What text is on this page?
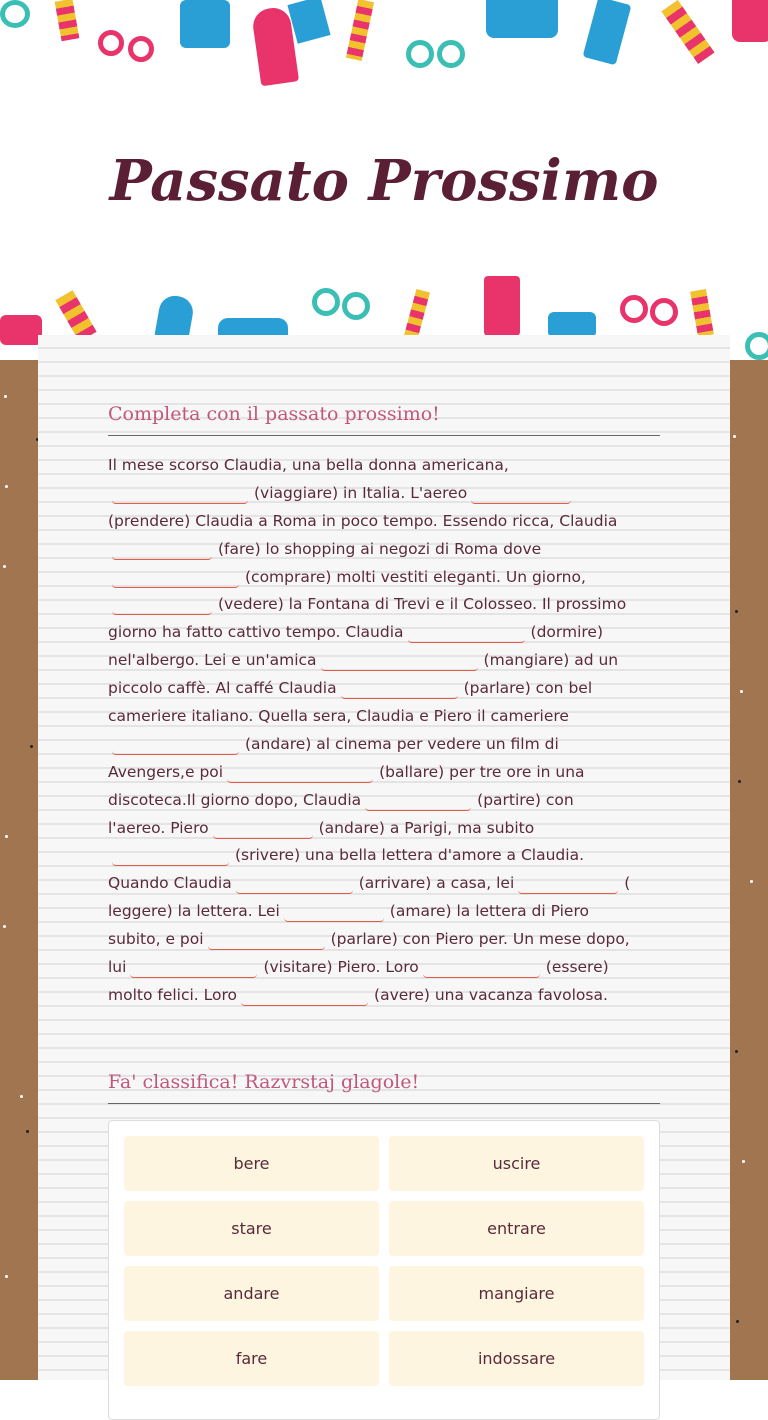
Passato Prossimo
Completa con il passato prossimo!
Fa' classifica! Razvrstaj glagole!
Il mese scorso Claudia, una bella donna americana,
(viaggiare) in Italia. L'aereo
(prendere) Claudia a Roma in poco tempo. Essendo ricca, Claudia
(fare) lo shopping ai negozi di Roma dove
(comprare) molti vestiti eleganti. Un giorno,
(vedere) la Fontana di Trevi e il Colosseo. Il prossimo
giorno ha fatto cattivo tempo. Claudia	(dormire)
nel'albergo. Lei e un'amica	(mangiare) ad un
piccolo caffè. Al caffé Claudia	(parlare) con bel
cameriere italiano. Quella sera, Claudia e Piero il cameriere
(andare) al cinema per vedere un film di
Avengers,e poi	(ballare) per tre ore in una
discoteca.Il giorno dopo, Claudia	(partire) con
l'aereo. Piero	(andare) a Parigi, ma subito
(srivere) una bella lettera d'amore a Claudia.
Quando Claudia	(arrivare) a casa, lei	(
leggere) la lettera. Lei	(amare) la lettera di Piero
subito, e poi	(parlare) con Piero per. Un mese dopo,
lui	(visitare) Piero. Loro	(essere)
molto felici. Loro	(avere) una vacanza favolosa.
bere	uscire
stare	entrare
andare	mangiare
fare	indossare
